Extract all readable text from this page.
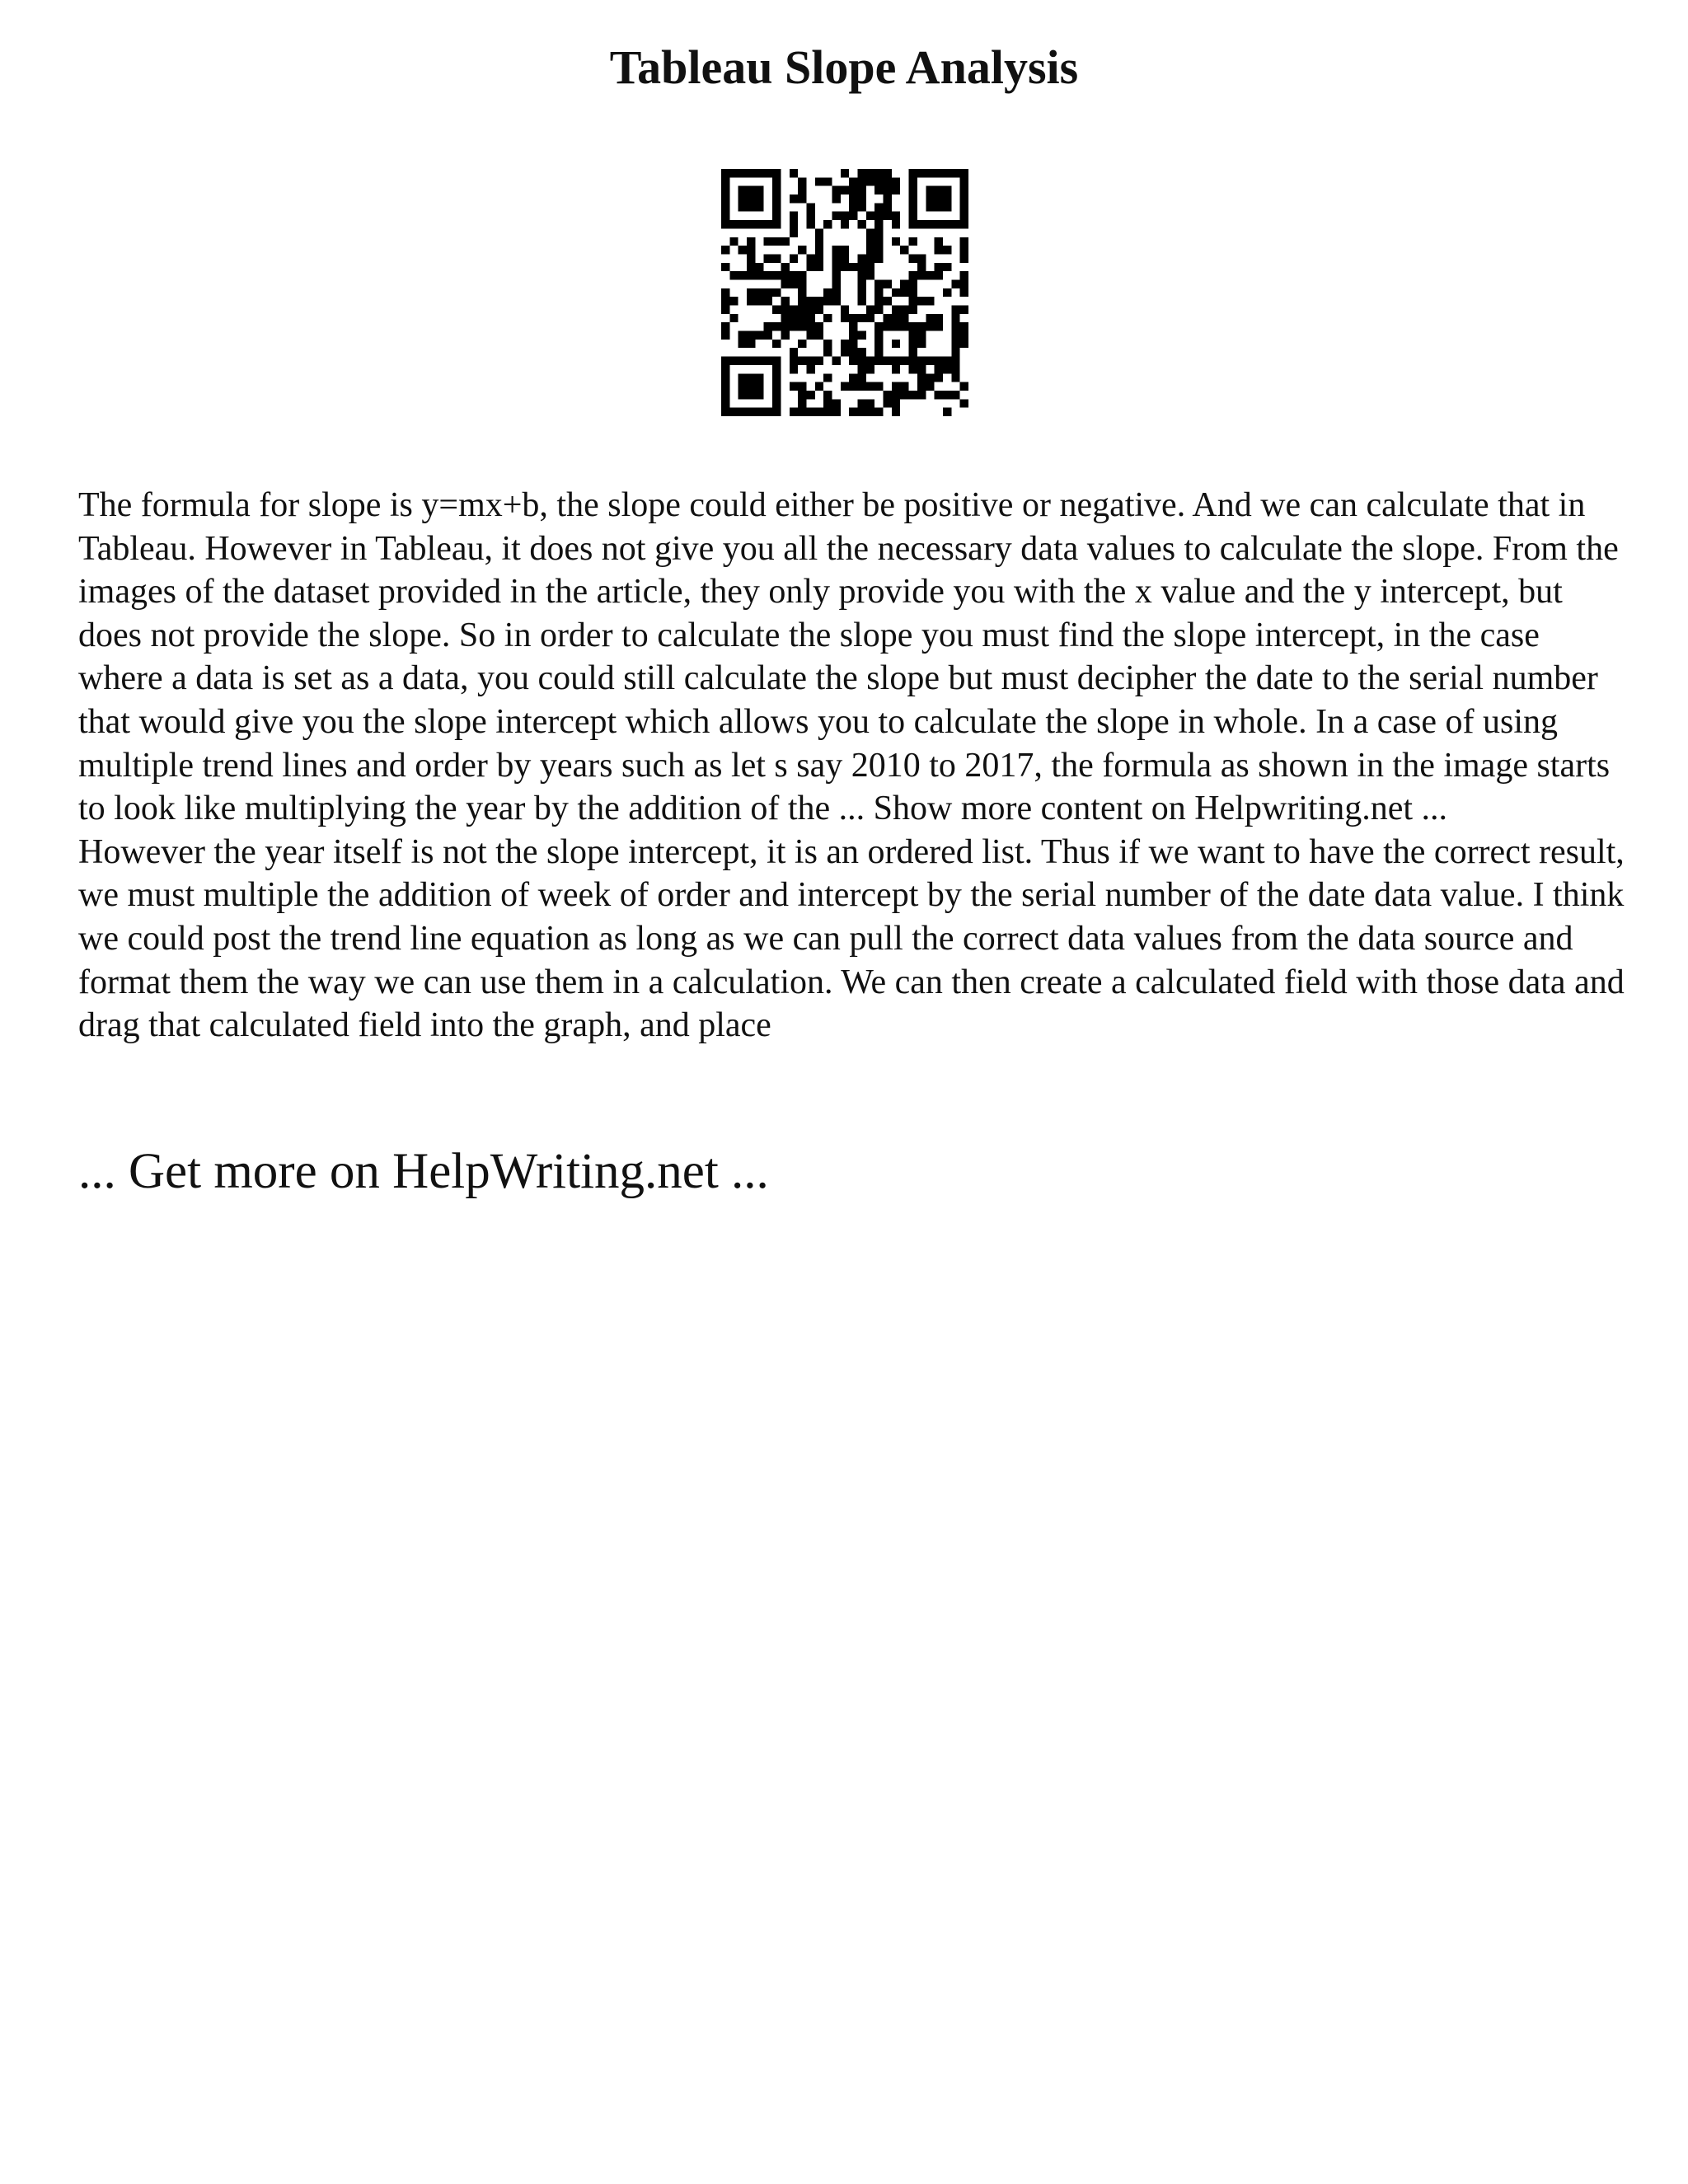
Tableau Slope Analysis

The formula for slope is y=mx+b, the slope could either be positive or negative. And we can calculate that in Tableau. However in Tableau, it does not give you all the necessary data values to calculate the slope. From the images of the dataset provided in the article, they only provide you with the x value and the y intercept, but does not provide the slope. So in order to calculate the slope you must find the slope intercept, in the case where a data is set as a data, you could still calculate the slope but must decipher the date to the serial number that would give you the slope intercept which allows you to calculate the slope in whole. In a case of using multiple trend lines and order by years such as let s say 2010 to 2017, the formula as shown in the image starts to look like multiplying the year by the addition of the ... Show more content on Helpwriting.net ...

However the year itself is not the slope intercept, it is an ordered list. Thus if we want to have the correct result, we must multiple the addition of week of order and intercept by the serial number of the date data value. I think we could post the trend line equation as long as we can pull the correct data values from the data source and format them the way we can use them in a calculation. We can then create a calculated field with those data and drag that calculated field into the graph, and place

... Get more on HelpWriting.net ...
